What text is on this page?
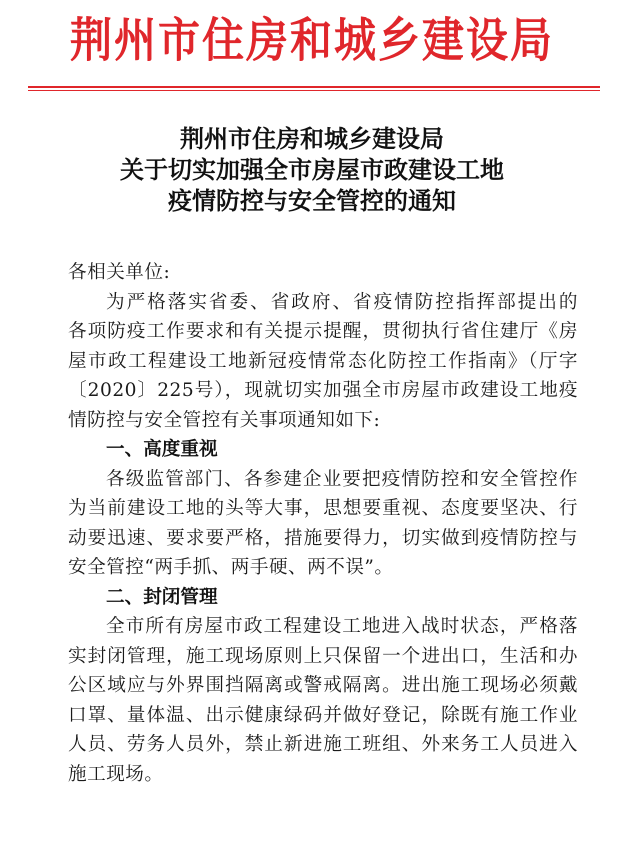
荆州市住房和城乡建设局
荆州市住房和城乡建设局
关于切实加强全市房屋市政建设工地
疫情防控与安全管控的通知
各相关单位:
为严格落实省委、省政府、省疫情防控指挥部提出的
各项防疫工作要求和有关提示提醒，贯彻执行省住建厅《房
屋市政工程建设工地新冠疫情常态化防控工作指南》（厅字
〔2020〕225号），现就切实加强全市房屋市政建设工地疫
情防控与安全管控有关事项通知如下:
一、高度重视
各级监管部门、各参建企业要把疫情防控和安全管控作
为当前建设工地的头等大事，思想要重视、态度要坚决、行
动要迅速、要求要严格，措施要得力，切实做到疫情防控与
安全管控“两手抓、两手硬、两不误”。
二、封闭管理
全市所有房屋市政工程建设工地进入战时状态，严格落
实封闭管理，施工现场原则上只保留一个进出口，生活和办
公区域应与外界围挡隔离或警戒隔离。进出施工现场必须戴
口罩、量体温、出示健康绿码并做好登记，除既有施工作业
人员、劳务人员外，禁止新进施工班组、外来务工人员进入
施工现场。
